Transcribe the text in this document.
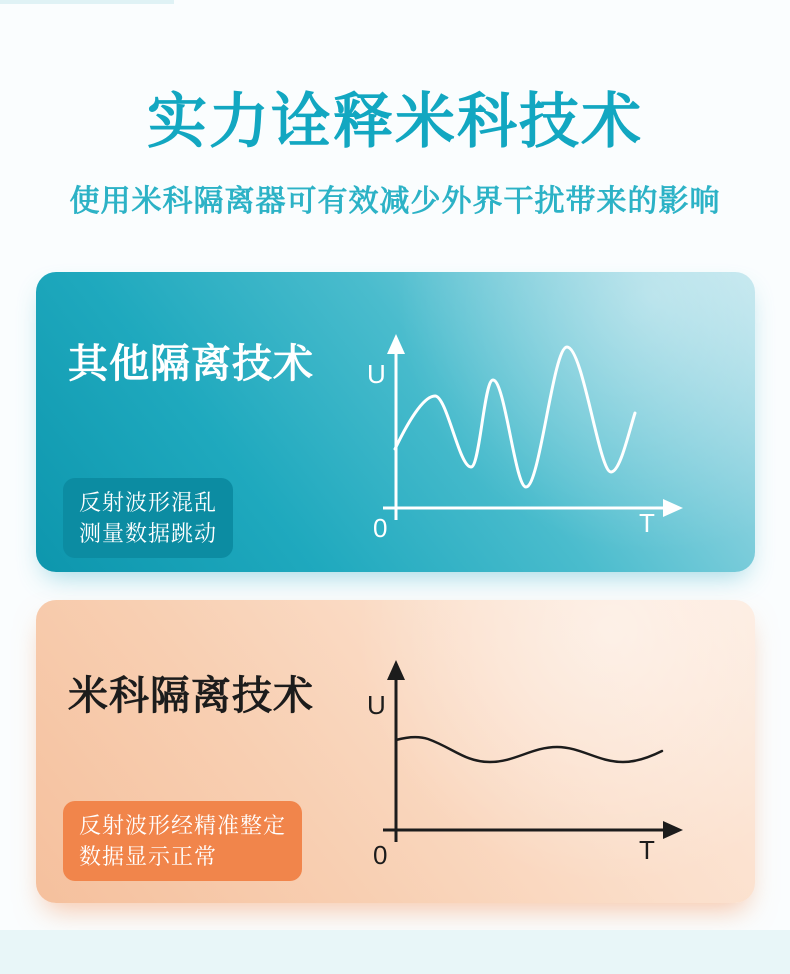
实力诠释米科技术

使用米科隔离器可有效减少外界干扰带来的影响

其他隔离技术
反射波形混乱
测量数据跳动
U
0	T
米科隔离技术
反射波形经精准整定
数据显示正常
U
0	T
